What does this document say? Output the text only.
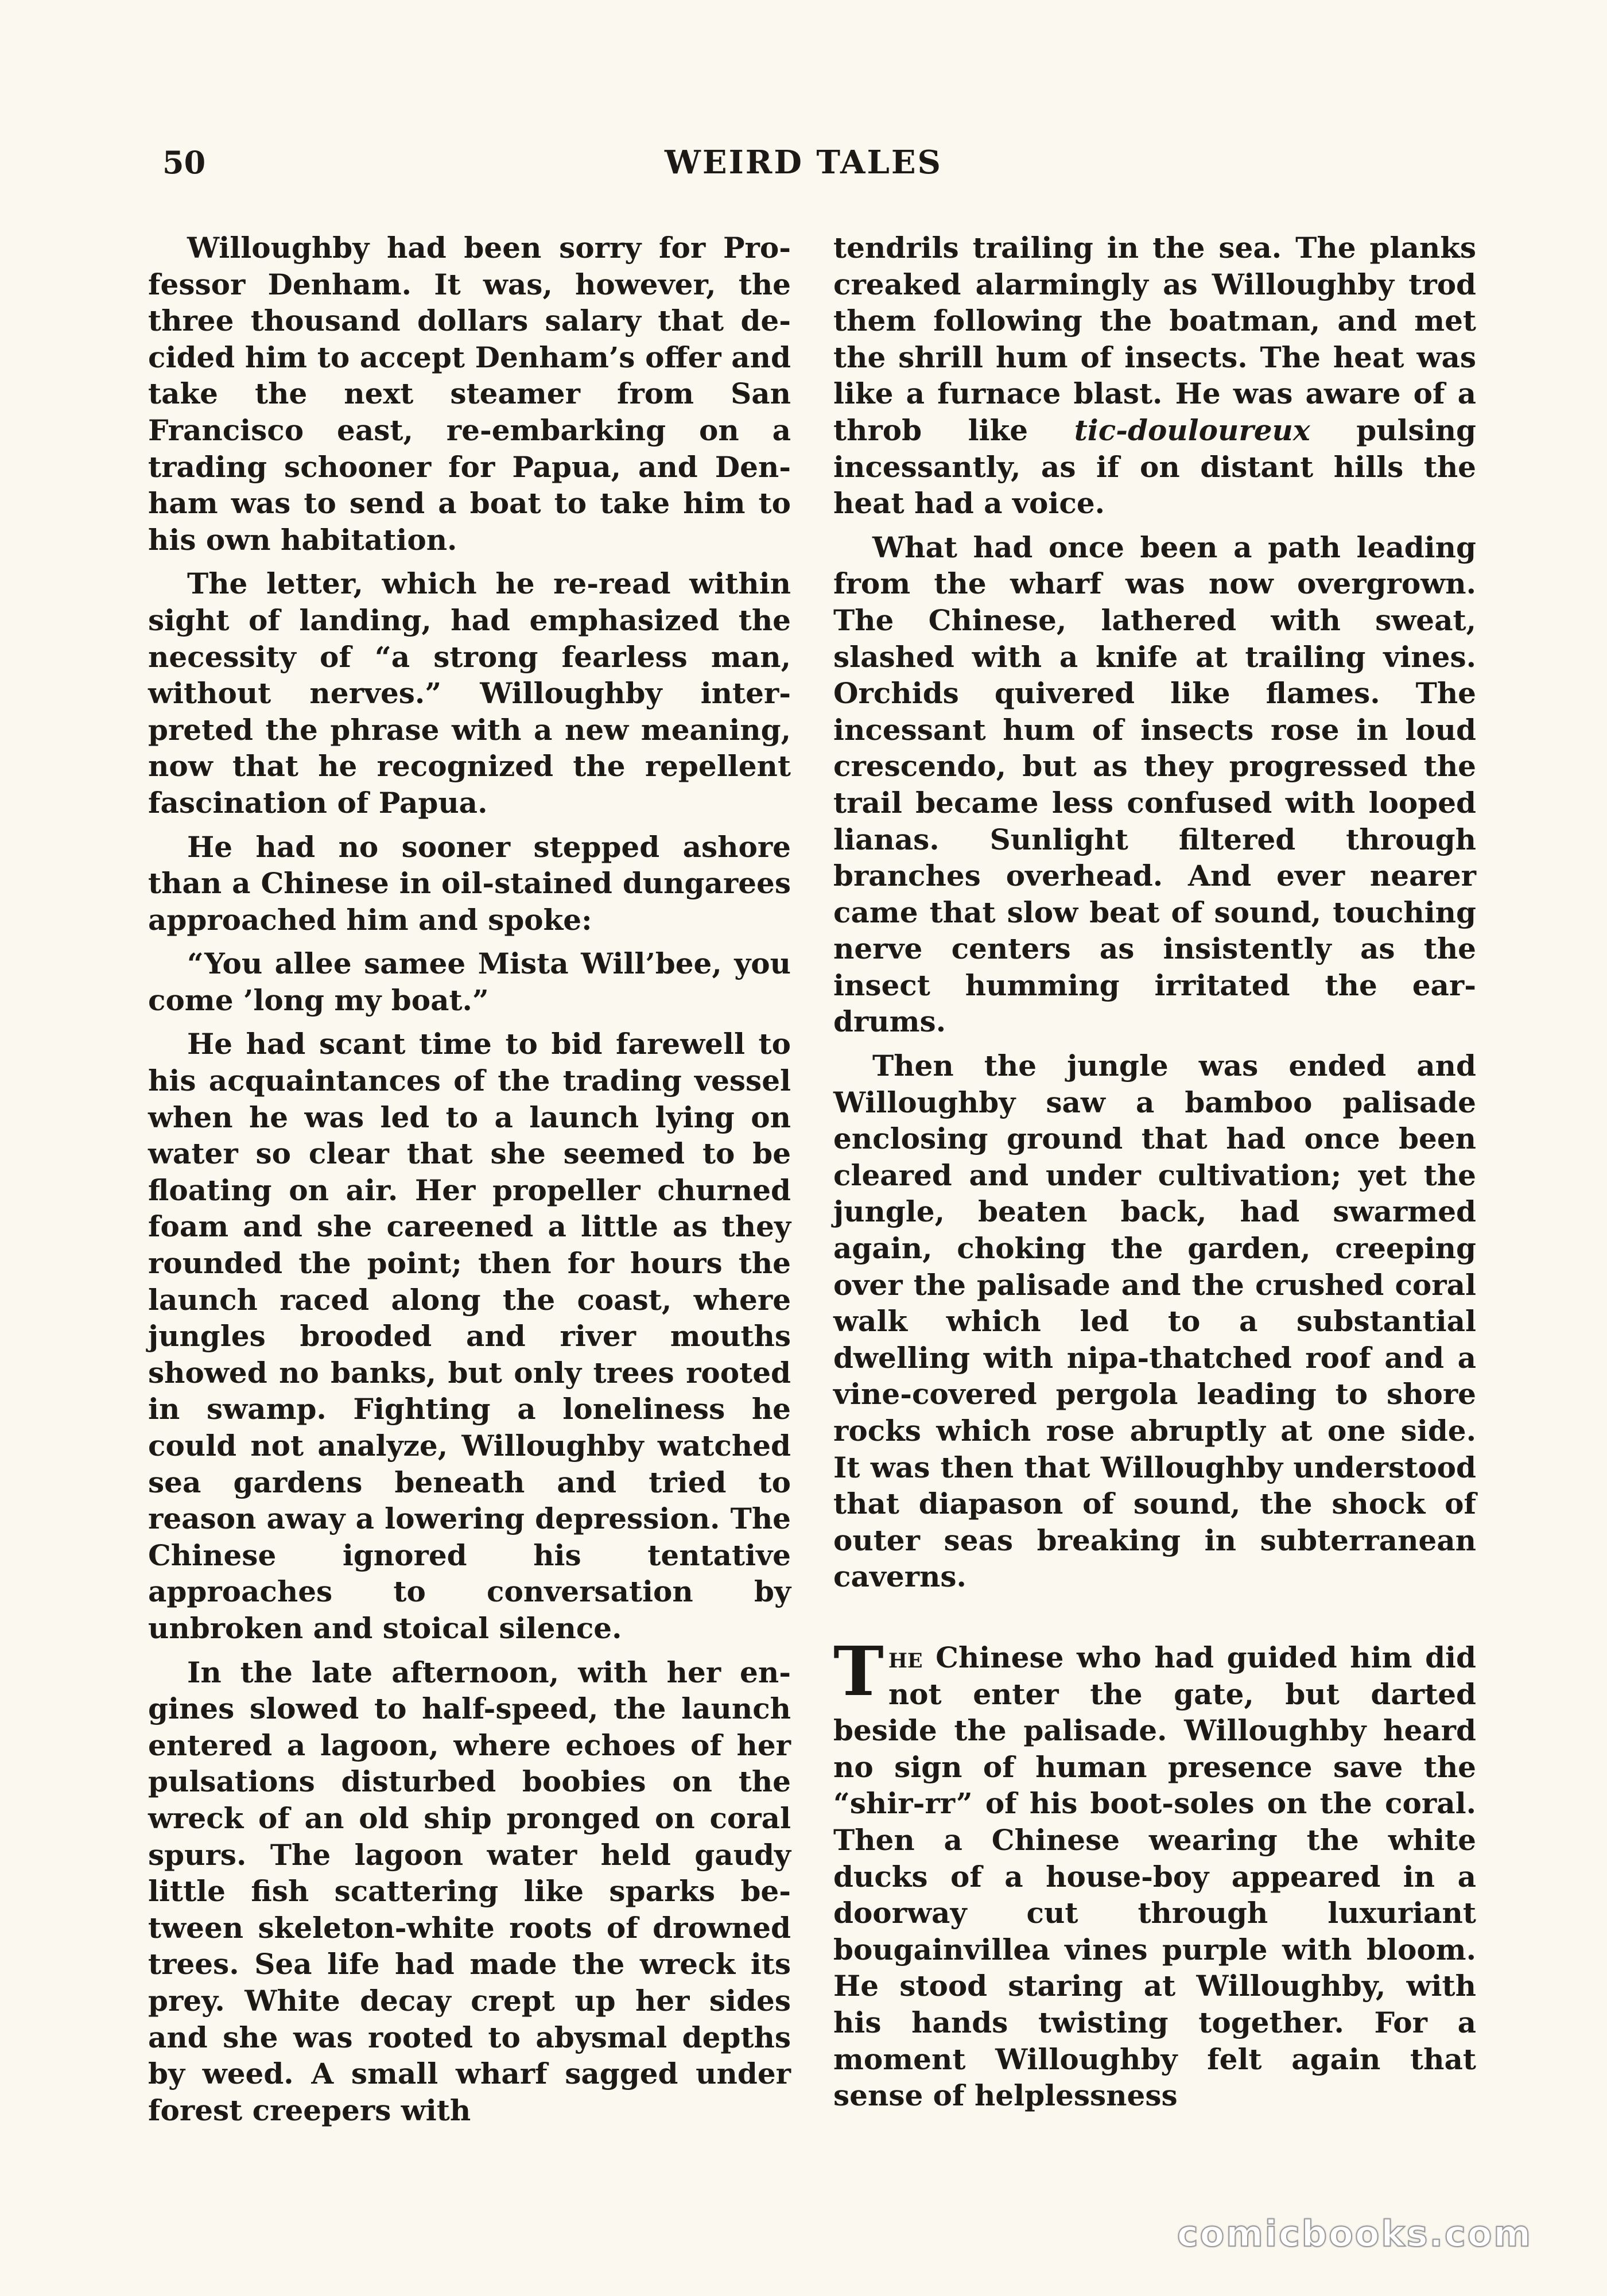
50	WEIRD TALES

Willoughby had been sorry for Professor Denham. It was, however, the three thousand dollars salary that decided him to accept Denham’s offer and take the next steamer from San Francisco east, re-embarking on a trading schooner for Papua, and Denham was to send a boat to take him to his own habitation.

The letter, which he re-read within sight of landing, had emphasized the necessity of “a strong fearless man, without nerves.” Willoughby interpreted the phrase with a new meaning, now that he recognized the repellent fascination of Papua.

He had no sooner stepped ashore than a Chinese in oil-stained dungarees approached him and spoke:

“You allee samee Mista Will’bee, you come ’long my boat.”

He had scant time to bid farewell to his acquaintances of the trading vessel when he was led to a launch lying on water so clear that she seemed to be floating on air. Her propeller churned foam and she careened a little as they rounded the point; then for hours the launch raced along the coast, where jungles brooded and river mouths showed no banks, but only trees rooted in swamp. Fighting a loneliness he could not analyze, Willoughby watched sea gardens beneath and tried to reason away a lowering depression. The Chinese ignored his tentative approaches to conversation by unbroken and stoical silence.

In the late afternoon, with her engines slowed to half-speed, the launch entered a lagoon, where echoes of her pulsations disturbed boobies on the wreck of an old ship pronged on coral spurs. The lagoon water held gaudy little fish scattering like sparks between skeleton-white roots of drowned trees. Sea life had made the wreck its prey. White decay crept up her sides and she was rooted to abysmal depths by weed. A small wharf sagged under forest creepers with

tendrils trailing in the sea. The planks creaked alarmingly as Willoughby trod them following the boatman, and met the shrill hum of insects. The heat was like a furnace blast. He was aware of a throb like tic-douloureux pulsing incessantly, as if on distant hills the heat had a voice.

What had once been a path leading from the wharf was now overgrown. The Chinese, lathered with sweat, slashed with a knife at trailing vines. Orchids quivered like flames. The incessant hum of insects rose in loud crescendo, but as they progressed the trail became less confused with looped lianas. Sunlight filtered through branches overhead. And ever nearer came that slow beat of sound, touching nerve centers as insistently as the insect humming irritated the ear-drums.

Then the jungle was ended and Willoughby saw a bamboo palisade enclosing ground that had once been cleared and under cultivation; yet the jungle, beaten back, had swarmed again, choking the garden, creeping over the palisade and the crushed coral walk which led to a substantial dwelling with nipa-thatched roof and a vine-covered pergola leading to shore rocks which rose abruptly at one side. It was then that Willoughby understood that diapason of sound, the shock of outer seas breaking in subterranean caverns.

The Chinese who had guided him did not enter the gate, but darted beside the palisade. Willoughby heard no sign of human presence save the “shir-rr” of his boot-soles on the coral. Then a Chinese wearing the white ducks of a house-boy appeared in a doorway cut through luxuriant bougainvillea vines purple with bloom. He stood staring at Willoughby, with his hands twisting together. For a moment Willoughby felt again that sense of helplessness

comicbooks.com
